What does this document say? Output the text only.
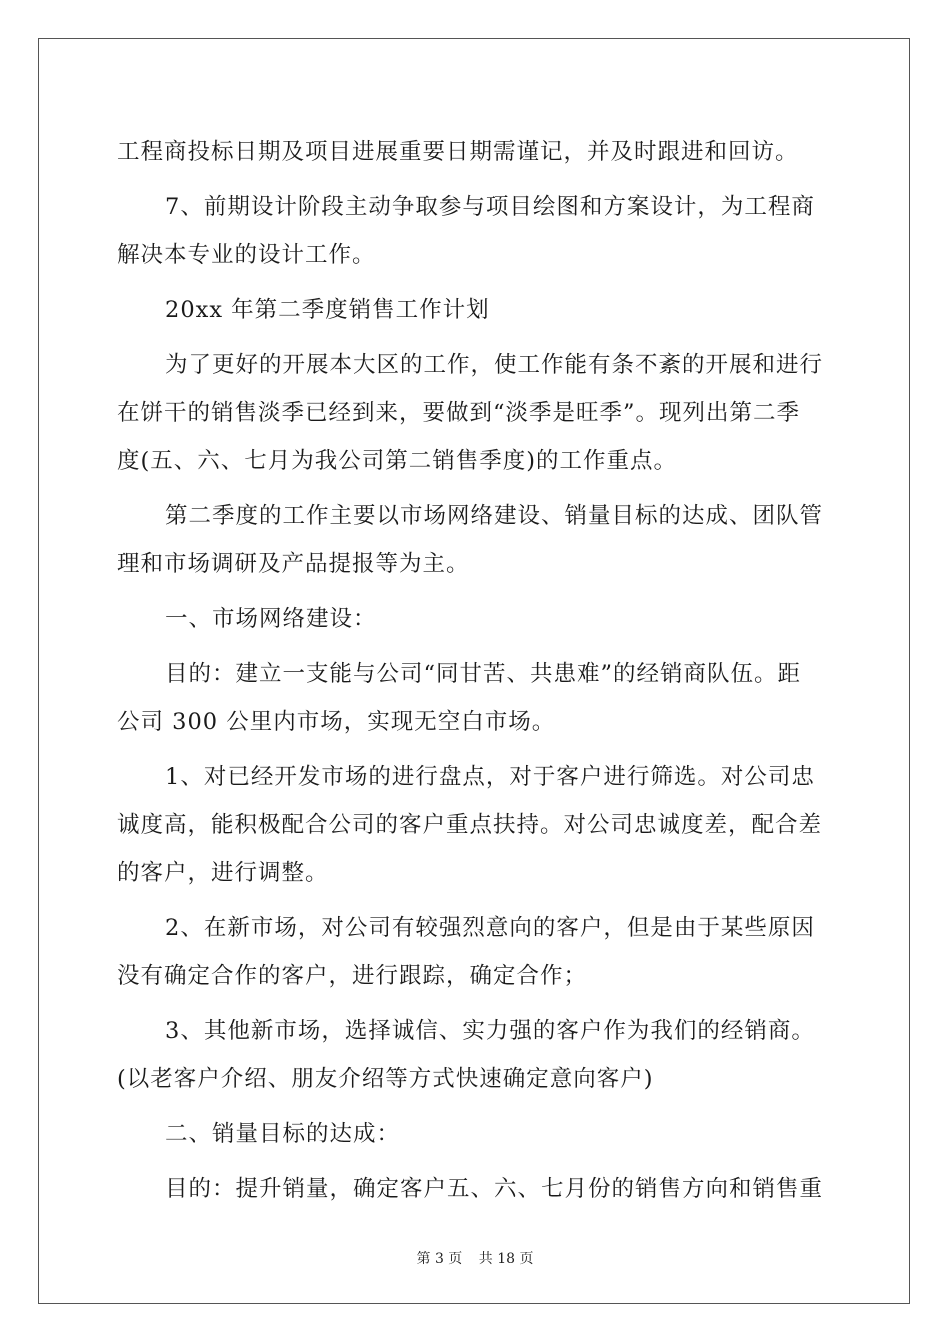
工程商投标日期及项目进展重要日期需谨记，并及时跟进和回访。
7、前期设计阶段主动争取参与项目绘图和方案设计，为工程商
解决本专业的设计工作。
20xx 年第二季度销售工作计划
为了更好的开展本大区的工作，使工作能有条不紊的开展和进行
在饼干的销售淡季已经到来，要做到“淡季是旺季”。现列出第二季
度(五、六、七月为我公司第二销售季度)的工作重点。
第二季度的工作主要以市场网络建设、销量目标的达成、团队管
理和市场调研及产品提报等为主。
一、市场网络建设：
目的：建立一支能与公司“同甘苦、共患难”的经销商队伍。距
公司 300 公里内市场，实现无空白市场。
1、对已经开发市场的进行盘点，对于客户进行筛选。对公司忠
诚度高，能积极配合公司的客户重点扶持。对公司忠诚度差，配合差
的客户，进行调整。
2、在新市场，对公司有较强烈意向的客户，但是由于某些原因
没有确定合作的客户，进行跟踪，确定合作；
3、其他新市场，选择诚信、实力强的客户作为我们的经销商。
(以老客户介绍、朋友介绍等方式快速确定意向客户)
二、销量目标的达成：
目的：提升销量，确定客户五、六、七月份的销售方向和销售重
第 3 页 共 18 页
